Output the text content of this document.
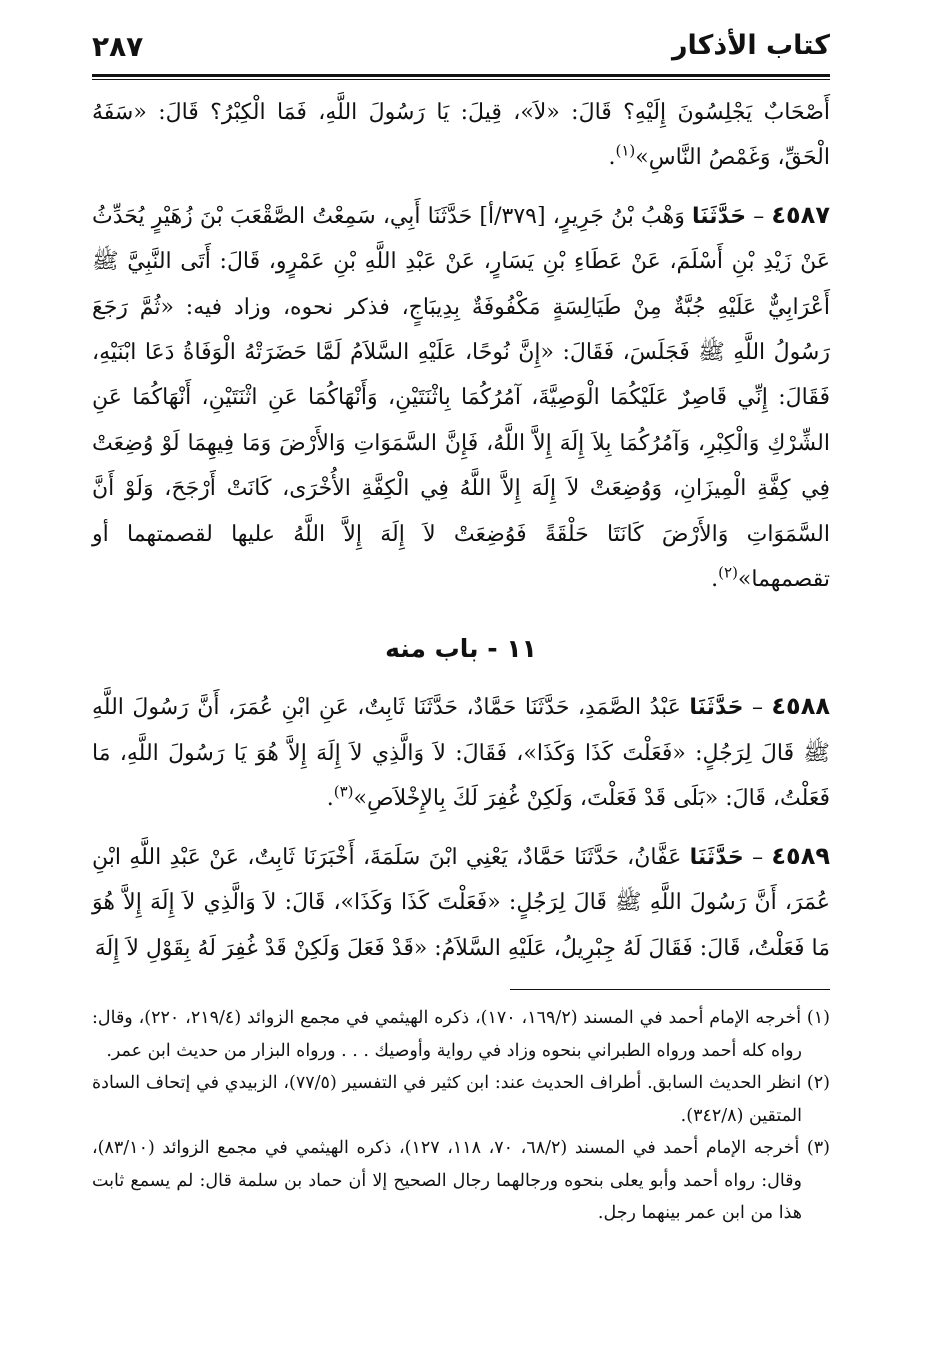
كتاب الأذكار
٢٨٧

أَصْحَابٌ يَجْلِسُونَ إِلَيْهِ؟ قَالَ: «لاَ»، قِيلَ: يَا رَسُولَ اللَّهِ، فَمَا الْكِبْرُ؟ قَالَ: «سَفَهُ الْحَقِّ، وَغَمْصُ النَّاسِ»$^{(١)}$.

٤٥٨٧ – حَدَّثَنَا وَهْبُ بْنُ جَرِيرٍ، [٣٧٩/أ] حَدَّثَنَا أَبِي، سَمِعْتُ الصَّقْعَبَ بْنَ زُهَيْرٍ يُحَدِّثُ عَنْ زَيْدِ بْنِ أَسْلَمَ، عَنْ عَطَاءِ بْنِ يَسَارٍ، عَنْ عَبْدِ اللَّهِ بْنِ عَمْرٍو، قَالَ: أَتَى النَّبِيَّ ﷺ أَعْرَابِيٌّ عَلَيْهِ جُبَّةٌ مِنْ طَيَالِسَةٍ مَكْفُوفَةٌ بِدِيبَاجٍ، فذكر نحوه، وزاد فيه: «ثُمَّ رَجَعَ رَسُولُ اللَّهِ ﷺ فَجَلَسَ، فَقَالَ: «إِنَّ نُوحًا، عَلَيْهِ السَّلاَمُ لَمَّا حَضَرَتْهُ الْوَفَاةُ دَعَا ابْنَيْهِ، فَقَالَ: إِنِّي قَاصِرٌ عَلَيْكُمَا الْوَصِيَّةَ، آمُرُكُمَا بِاثْنَتَيْنِ، وَأَنْهَاكُمَا عَنِ اثْنَتَيْنِ، أَنْهَاكُمَا عَنِ الشِّرْكِ وَالْكِبْرِ، وَآمُرُكُمَا بِلاَ إِلَهَ إِلاَّ اللَّهُ، فَإِنَّ السَّمَوَاتِ وَالأَرْضَ وَمَا فِيهِمَا لَوْ وُضِعَتْ فِي كِفَّةِ الْمِيزَانِ، وَوُضِعَتْ لاَ إِلَهَ إِلاَّ اللَّهُ فِي الْكِفَّةِ الأُخْرَى، كَانَتْ أَرْجَحَ، وَلَوْ أَنَّ السَّمَوَاتِ وَالأَرْضَ كَانَتَا حَلْقَةً فَوُضِعَتْ لاَ إِلَهَ إِلاَّ اللَّهُ عليها لقصمتهما أو تقصمهما»$^{(٢)}$.

١١ - باب منه

٤٥٨٨ – حَدَّثَنَا عَبْدُ الصَّمَدِ، حَدَّثَنَا حَمَّادٌ، حَدَّثَنَا ثَابِتٌ، عَنِ ابْنِ عُمَرَ، أَنَّ رَسُولَ اللَّهِ ﷺ قَالَ لِرَجُلٍ: «فَعَلْتَ كَذَا وَكَذَا»، فَقَالَ: لاَ وَالَّذِي لاَ إِلَهَ إِلاَّ هُوَ يَا رَسُولَ اللَّهِ، مَا فَعَلْتُ، قَالَ: «بَلَى قَدْ فَعَلْتَ، وَلَكِنْ غُفِرَ لَكَ بِالإِخْلاَصِ»$^{(٣)}$.

٤٥٨٩ – حَدَّثَنَا عَفَّانُ، حَدَّثَنَا حَمَّادٌ، يَعْنِي ابْنَ سَلَمَةَ، أَخْبَرَنَا ثَابِتٌ، عَنْ عَبْدِ اللَّهِ ابْنِ عُمَرَ، أَنَّ رَسُولَ اللَّهِ ﷺ قَالَ لِرَجُلٍ: «فَعَلْتَ كَذَا وَكَذَا»، قَالَ: لاَ وَالَّذِي لاَ إِلَهَ إِلاَّ هُوَ مَا فَعَلْتُ، قَالَ: فَقَالَ لَهُ جِبْرِيلُ، عَلَيْهِ السَّلاَمُ: «قَدْ فَعَلَ وَلَكِنْ قَدْ غُفِرَ لَهُ بِقَوْلِ لاَ إِلَهَ

(١) أخرجه الإمام أحمد في المسند (١٦٩/٢، ١٧٠)، ذكره الهيثمي في مجمع الزوائد (٢١٩/٤، ٢٢٠)، وقال: رواه كله أحمد ورواه الطبراني بنحوه وزاد في رواية وأوصيك . . . ورواه البزار من حديث ابن عمر.

(٢) انظر الحديث السابق. أطراف الحديث عند: ابن كثير في التفسير (٧٧/٥)، الزبيدي في إتحاف السادة المتقين (٣٤٢/٨).

(٣) أخرجه الإمام أحمد في المسند (٦٨/٢، ٧٠، ١١٨، ١٢٧)، ذكره الهيثمي في مجمع الزوائد (٨٣/١٠)، وقال: رواه أحمد وأبو يعلى بنحوه ورجالهما رجال الصحيح إلا أن حماد بن سلمة قال: لم يسمع ثابت هذا من ابن عمر بينهما رجل.
